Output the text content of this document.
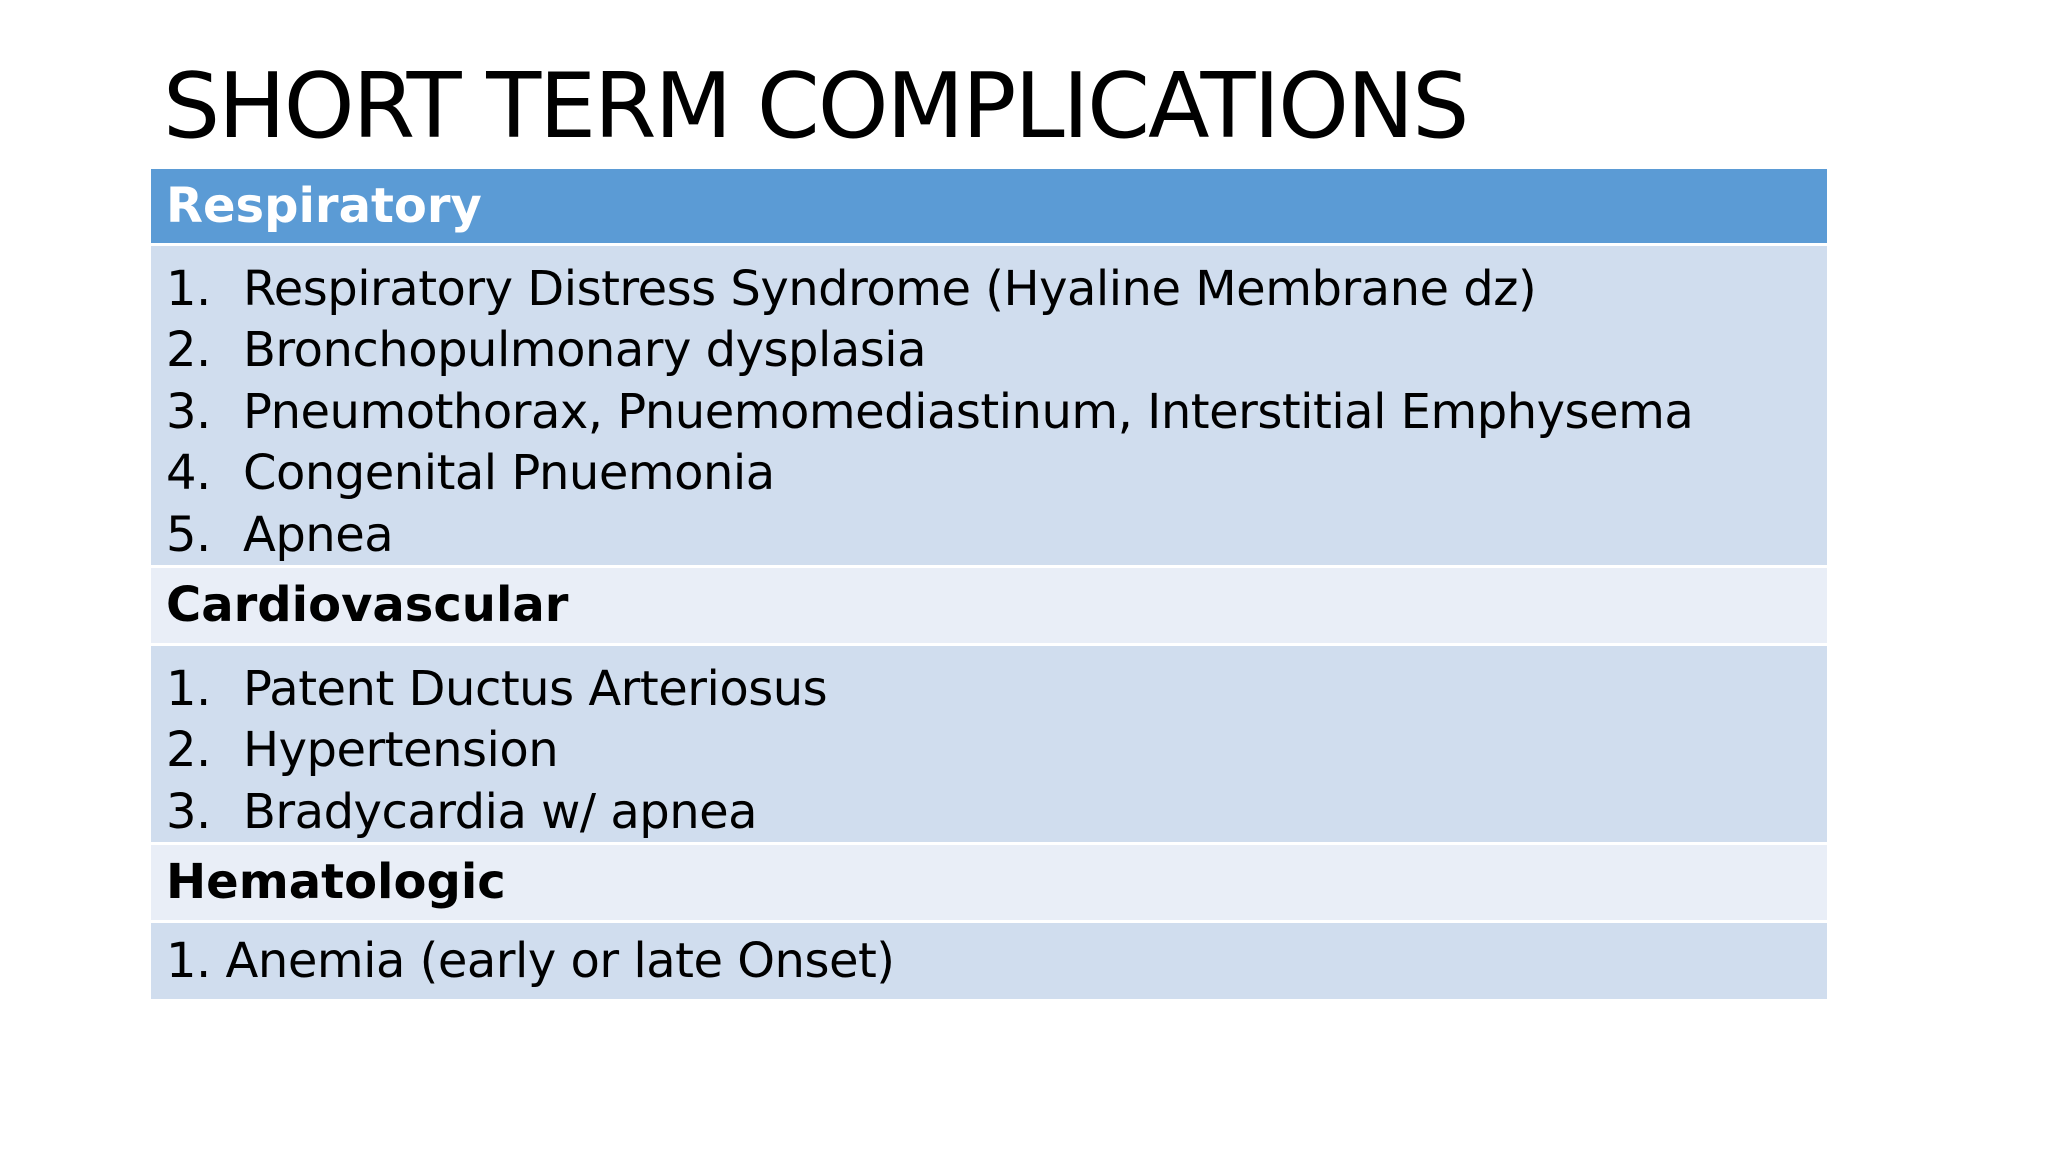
SHORT TERM COMPLICATIONS
Respiratory
1. Respiratory Distress Syndrome (Hyaline Membrane dz)
2. Bronchopulmonary dysplasia
3. Pneumothorax, Pnuemomediastinum, Interstitial Emphysema
4. Congenital Pnuemonia
5. Apnea
Cardiovascular
1. Patent Ductus Arteriosus
2. Hypertension
3. Bradycardia w/ apnea
Hematologic
1. Anemia (early or late Onset)
